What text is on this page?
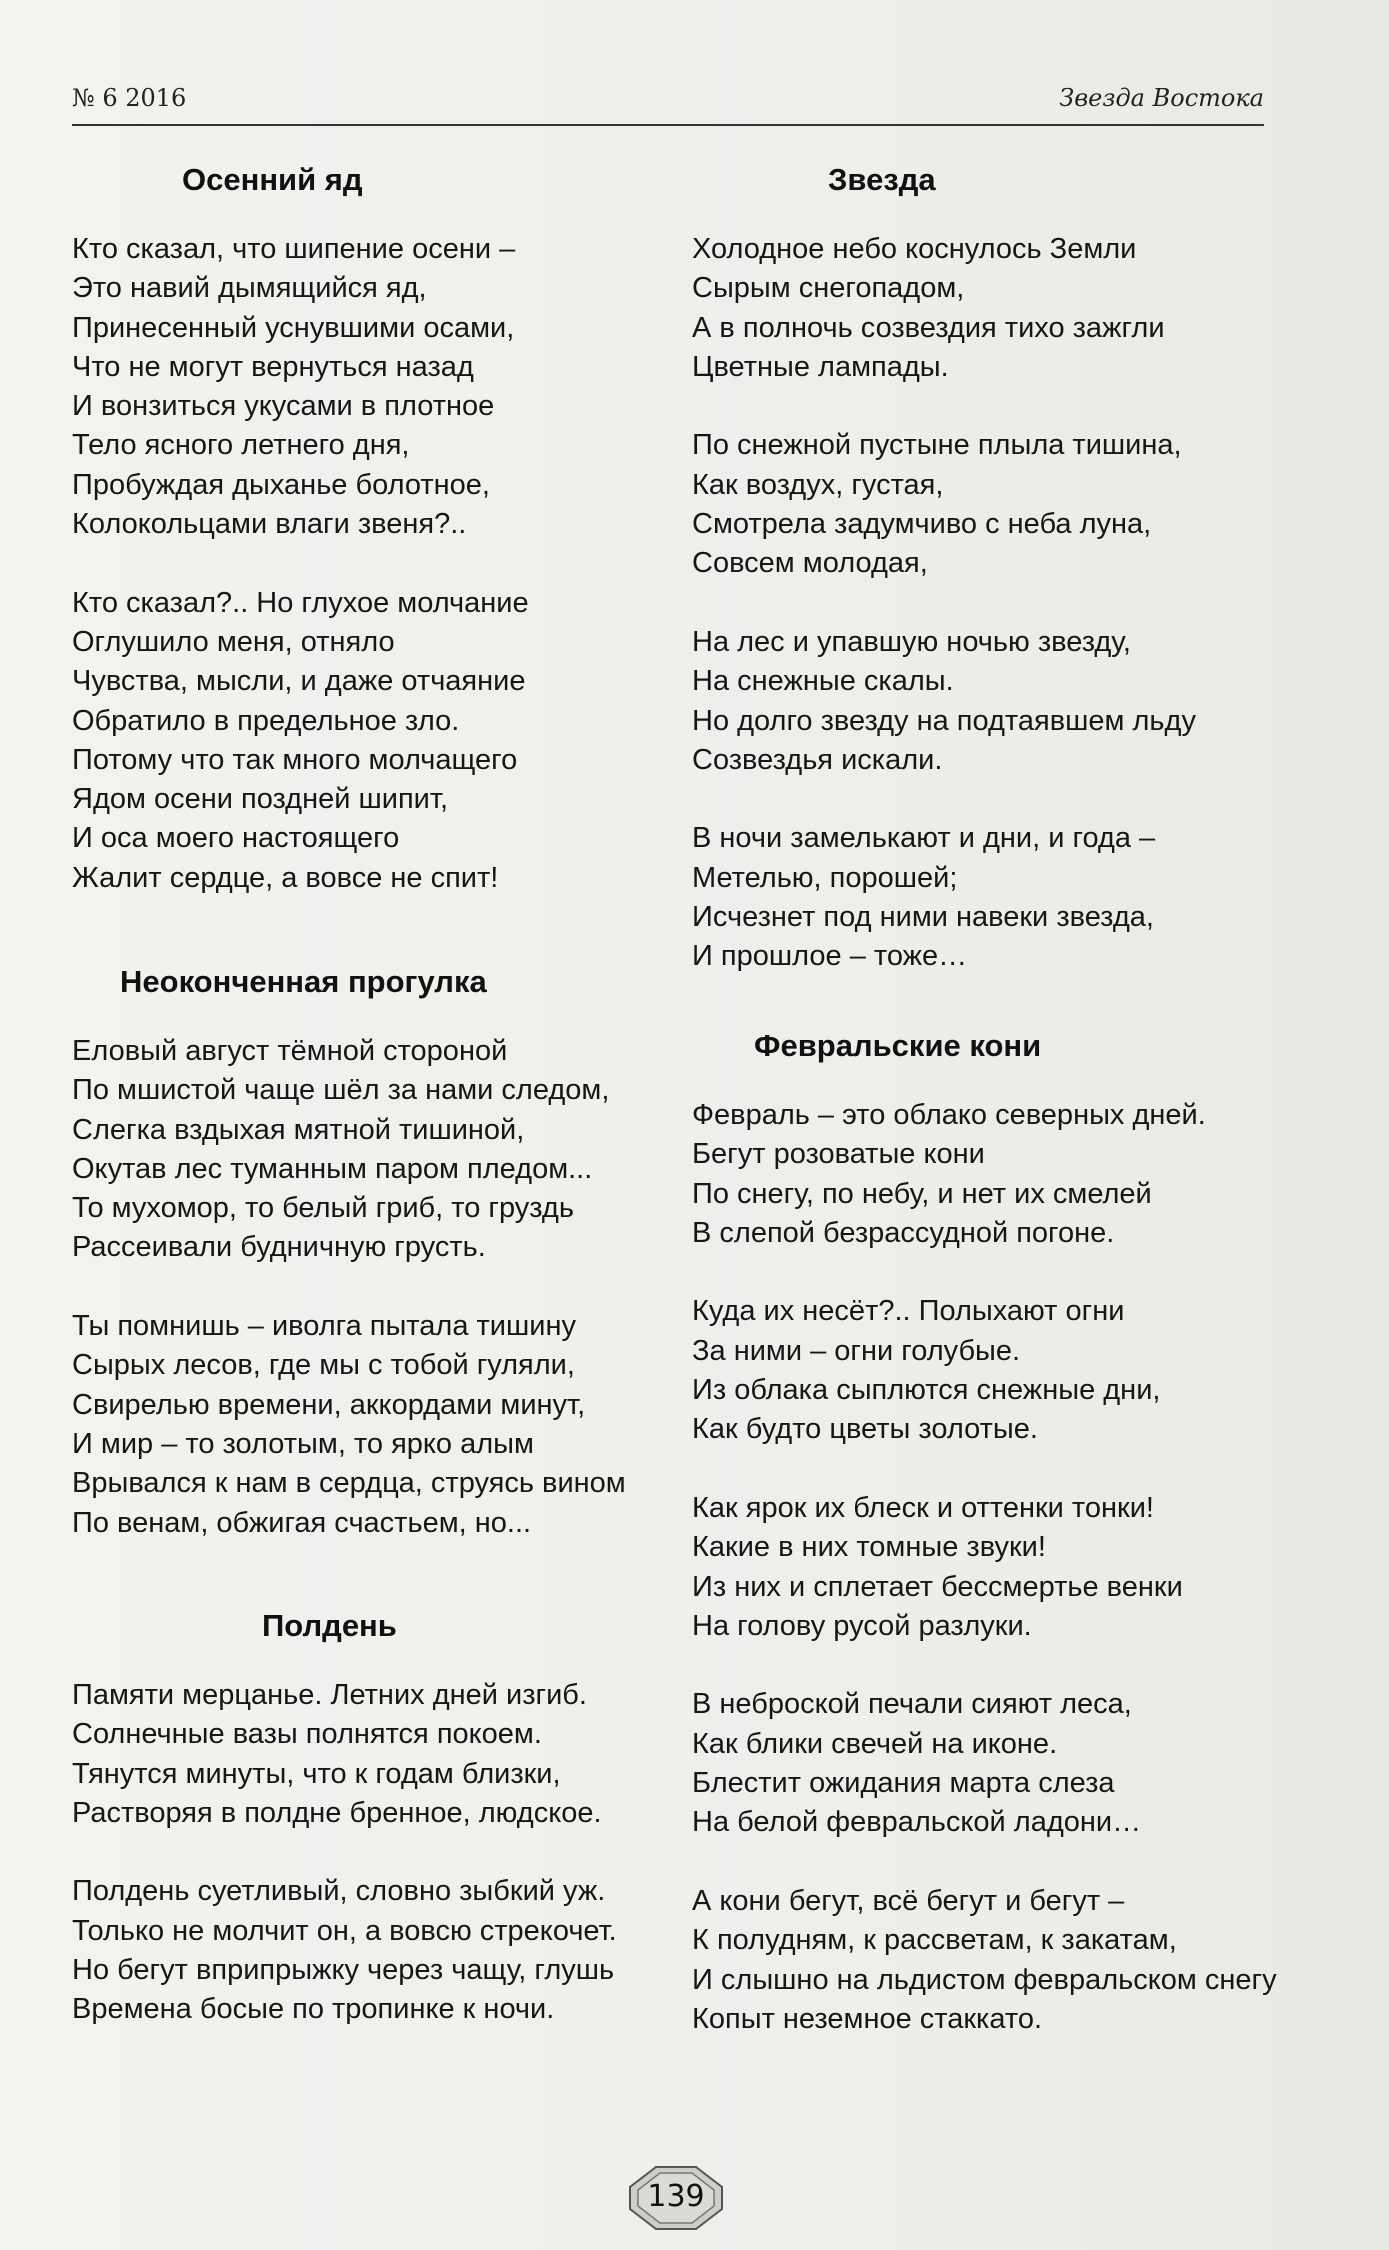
№ 6 2016	Звезда Востока
Осенний яд
Кто сказал, что шипение осени –
Это навий дымящийся яд,
Принесенный уснувшими осами,
Что не могут вернуться назад
И вонзиться укусами в плотное
Тело ясного летнего дня,
Пробуждая дыханье болотное,
Колокольцами влаги звеня?..
Кто сказал?.. Но глухое молчание
Оглушило меня, отняло
Чувства, мысли, и даже отчаяние
Обратило в предельное зло.
Потому что так много молчащего
Ядом осени поздней шипит,
И оса моего настоящего
Жалит сердце, а вовсе не спит!
Неоконченная прогулка
Еловый август тёмной стороной
По мшистой чаще шёл за нами следом,
Слегка вздыхая мятной тишиной,
Окутав лес туманным паром пледом...
То мухомор, то белый гриб, то груздь
Рассеивали будничную грусть.
Ты помнишь – иволга пытала тишину
Сырых лесов, где мы с тобой гуляли,
Свирелью времени, аккордами минут,
И мир – то золотым, то ярко алым
Врывался к нам в сердца, струясь вином
По венам, обжигая счастьем, но...
Полдень
Памяти мерцанье. Летних дней изгиб.
Солнечные вазы полнятся покоем.
Тянутся минуты, что к годам близки,
Растворяя в полдне бренное, людское.
Полдень суетливый, словно зыбкий уж.
Только не молчит он, а вовсю стрекочет.
Но бегут вприпрыжку через чащу, глушь
Времена босые по тропинке к ночи.
Звезда
Холодное небо коснулось Земли
Сырым снегопадом,
А в полночь созвездия тихо зажгли
Цветные лампады.
По снежной пустыне плыла тишина,
Как воздух, густая,
Смотрела задумчиво с неба луна,
Совсем молодая,
На лес и упавшую ночью звезду,
На снежные скалы.
Но долго звезду на подтаявшем льду
Созвездья искали.
В ночи замелькают и дни, и года –
Метелью, порошей;
Исчезнет под ними навеки звезда,
И прошлое – тоже…
Февральские кони
Февраль – это облако северных дней.
Бегут розоватые кони
По снегу, по небу, и нет их смелей
В слепой безрассудной погоне.
Куда их несёт?.. Полыхают огни
За ними – огни голубые.
Из облака сыплются снежные дни,
Как будто цветы золотые.
Как ярок их блеск и оттенки тонки!
Какие в них томные звуки!
Из них и сплетает бессмертье венки
На голову русой разлуки.
В неброской печали сияют леса,
Как блики свечей на иконе.
Блестит ожидания марта слеза
На белой февральской ладони…
А кони бегут, всё бегут и бегут –
К полудням, к рассветам, к закатам,
И слышно на льдистом февральском снегу
Копыт неземное стаккато.
139
